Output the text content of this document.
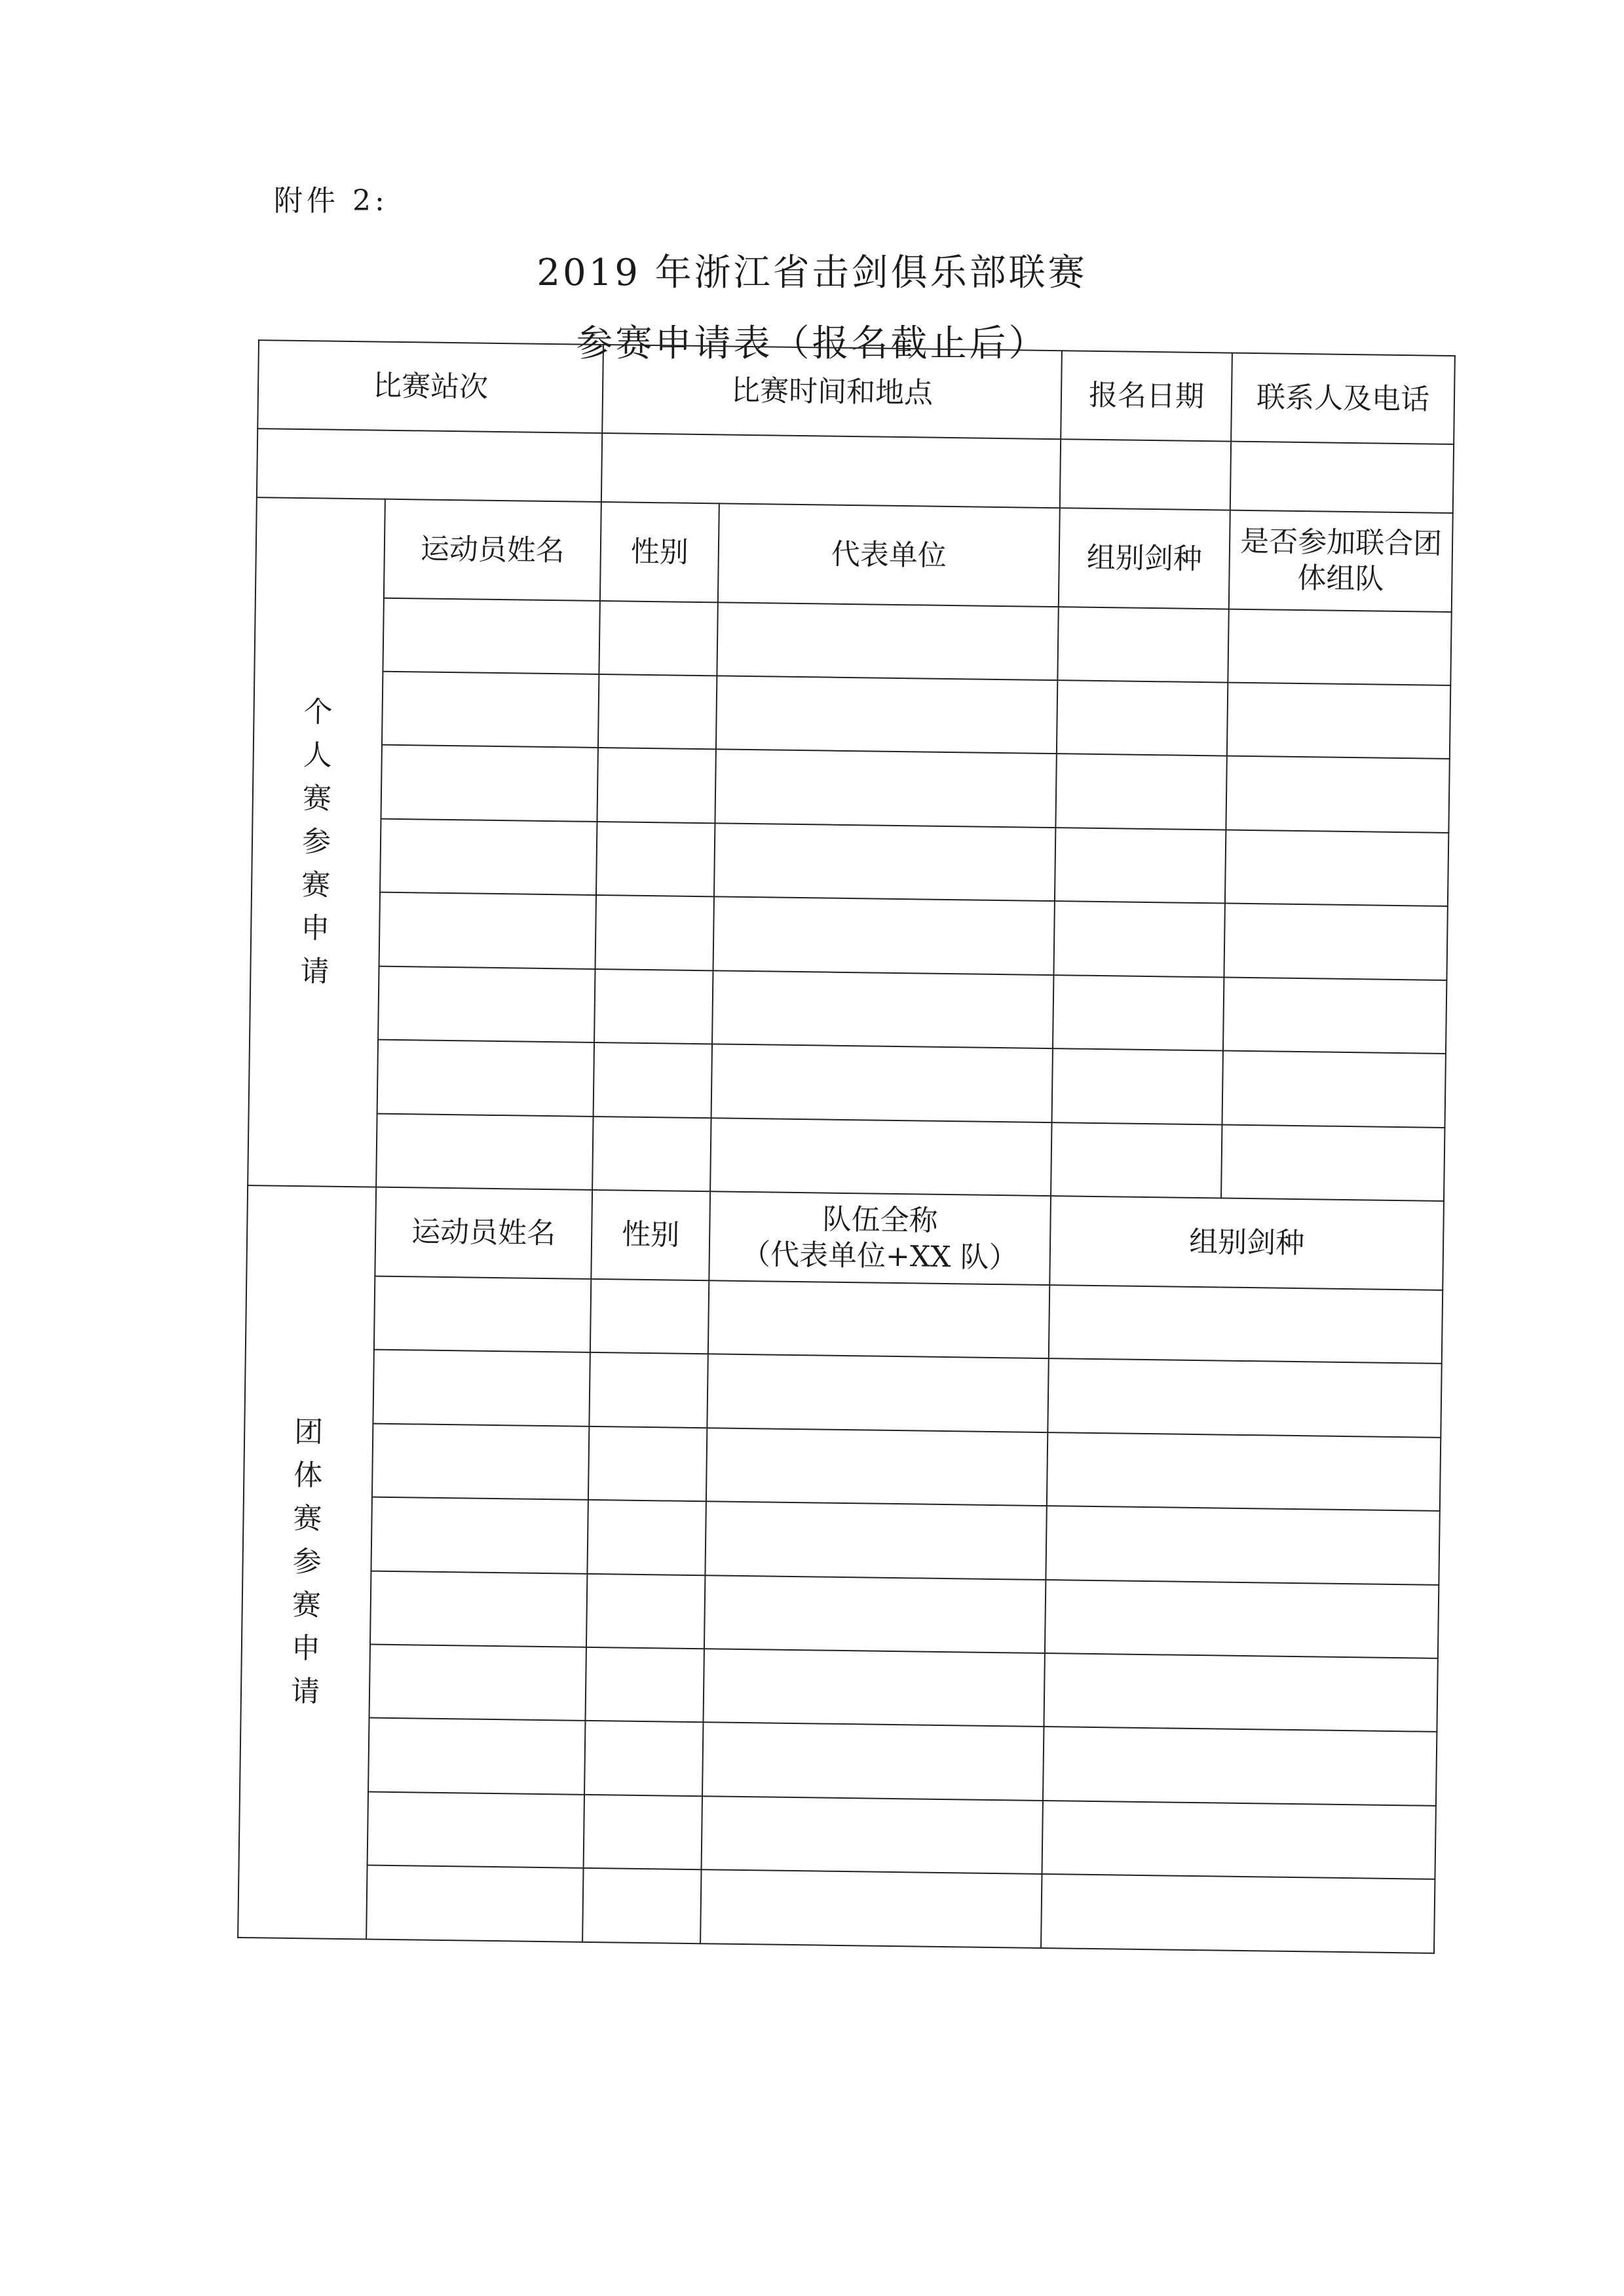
附件 2:
2019 年浙江省击剑俱乐部联赛
参赛申请表（报名截止后）
比赛站次		比赛时间和地点		报名日期	联系人及电话

个人赛参赛申请	运动员姓名	性别	代表单位	组别剑种	是否参加联合团体组队

团体赛参赛申请	运动员姓名	性别	队伍全称
（代表单位+XX 队）	组别剑种	
